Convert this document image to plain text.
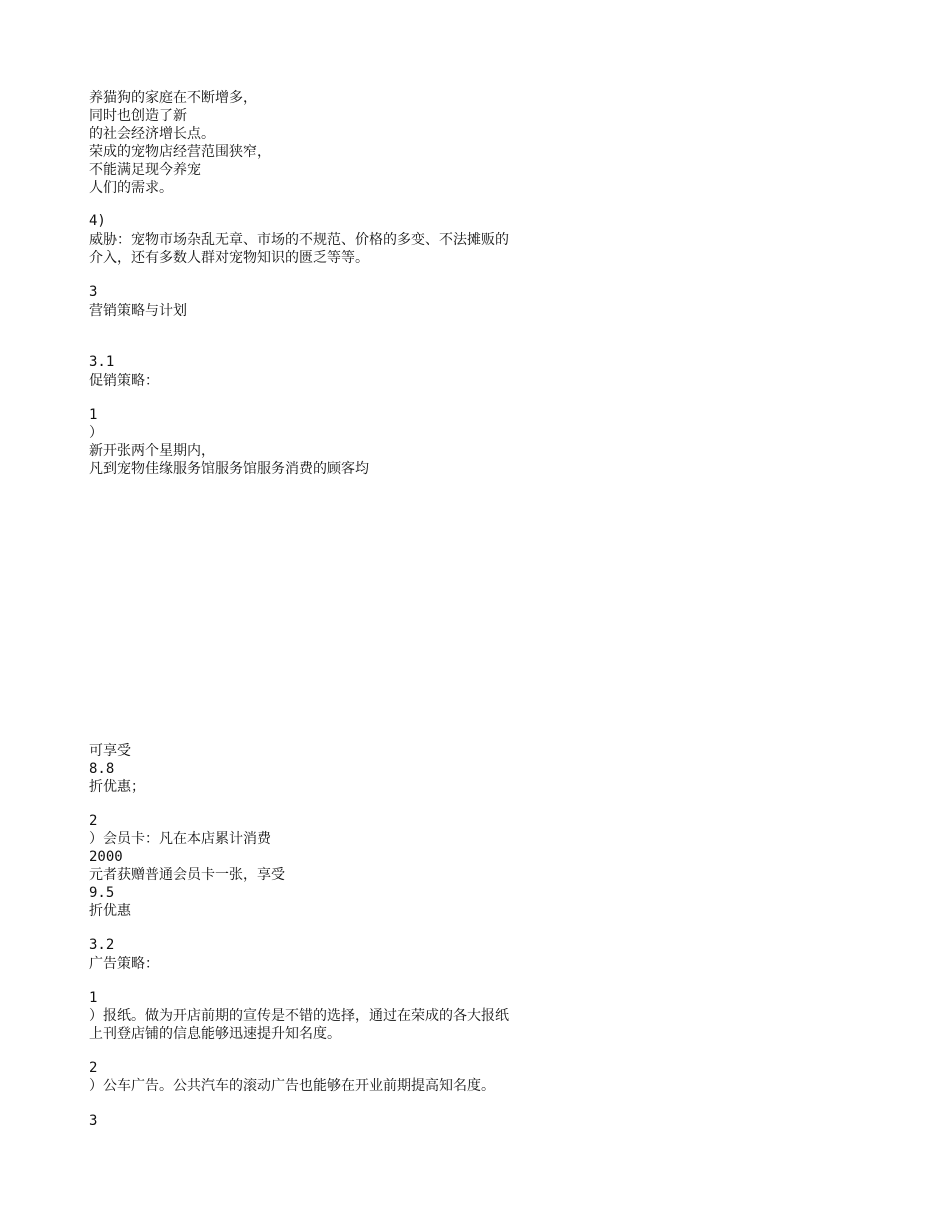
养猫狗的家庭在不断增多，
同时也创造了新
的社会经济增长点。
荣成的宠物店经营范围狭窄，
不能满足现今养宠
人们的需求。
4)
威胁：宠物市场杂乱无章、市场的不规范、价格的多变、不法摊贩的
介入，还有多数人群对宠物知识的匮乏等等。
3
营销策略与计划
3.1
促销策略：
1
）
新开张两个星期内，
凡到宠物佳缘服务馆服务馆服务消费的顾客均
可享受
8.8
折优惠；
2
）会员卡：凡在本店累计消费
2000
元者获赠普通会员卡一张，享受
9.5
折优惠
3.2
广告策略：
1
）报纸。做为开店前期的宣传是不错的选择，通过在荣成的各大报纸
上刊登店铺的信息能够迅速提升知名度。
2
）公车广告。公共汽车的滚动广告也能够在开业前期提高知名度。
3
